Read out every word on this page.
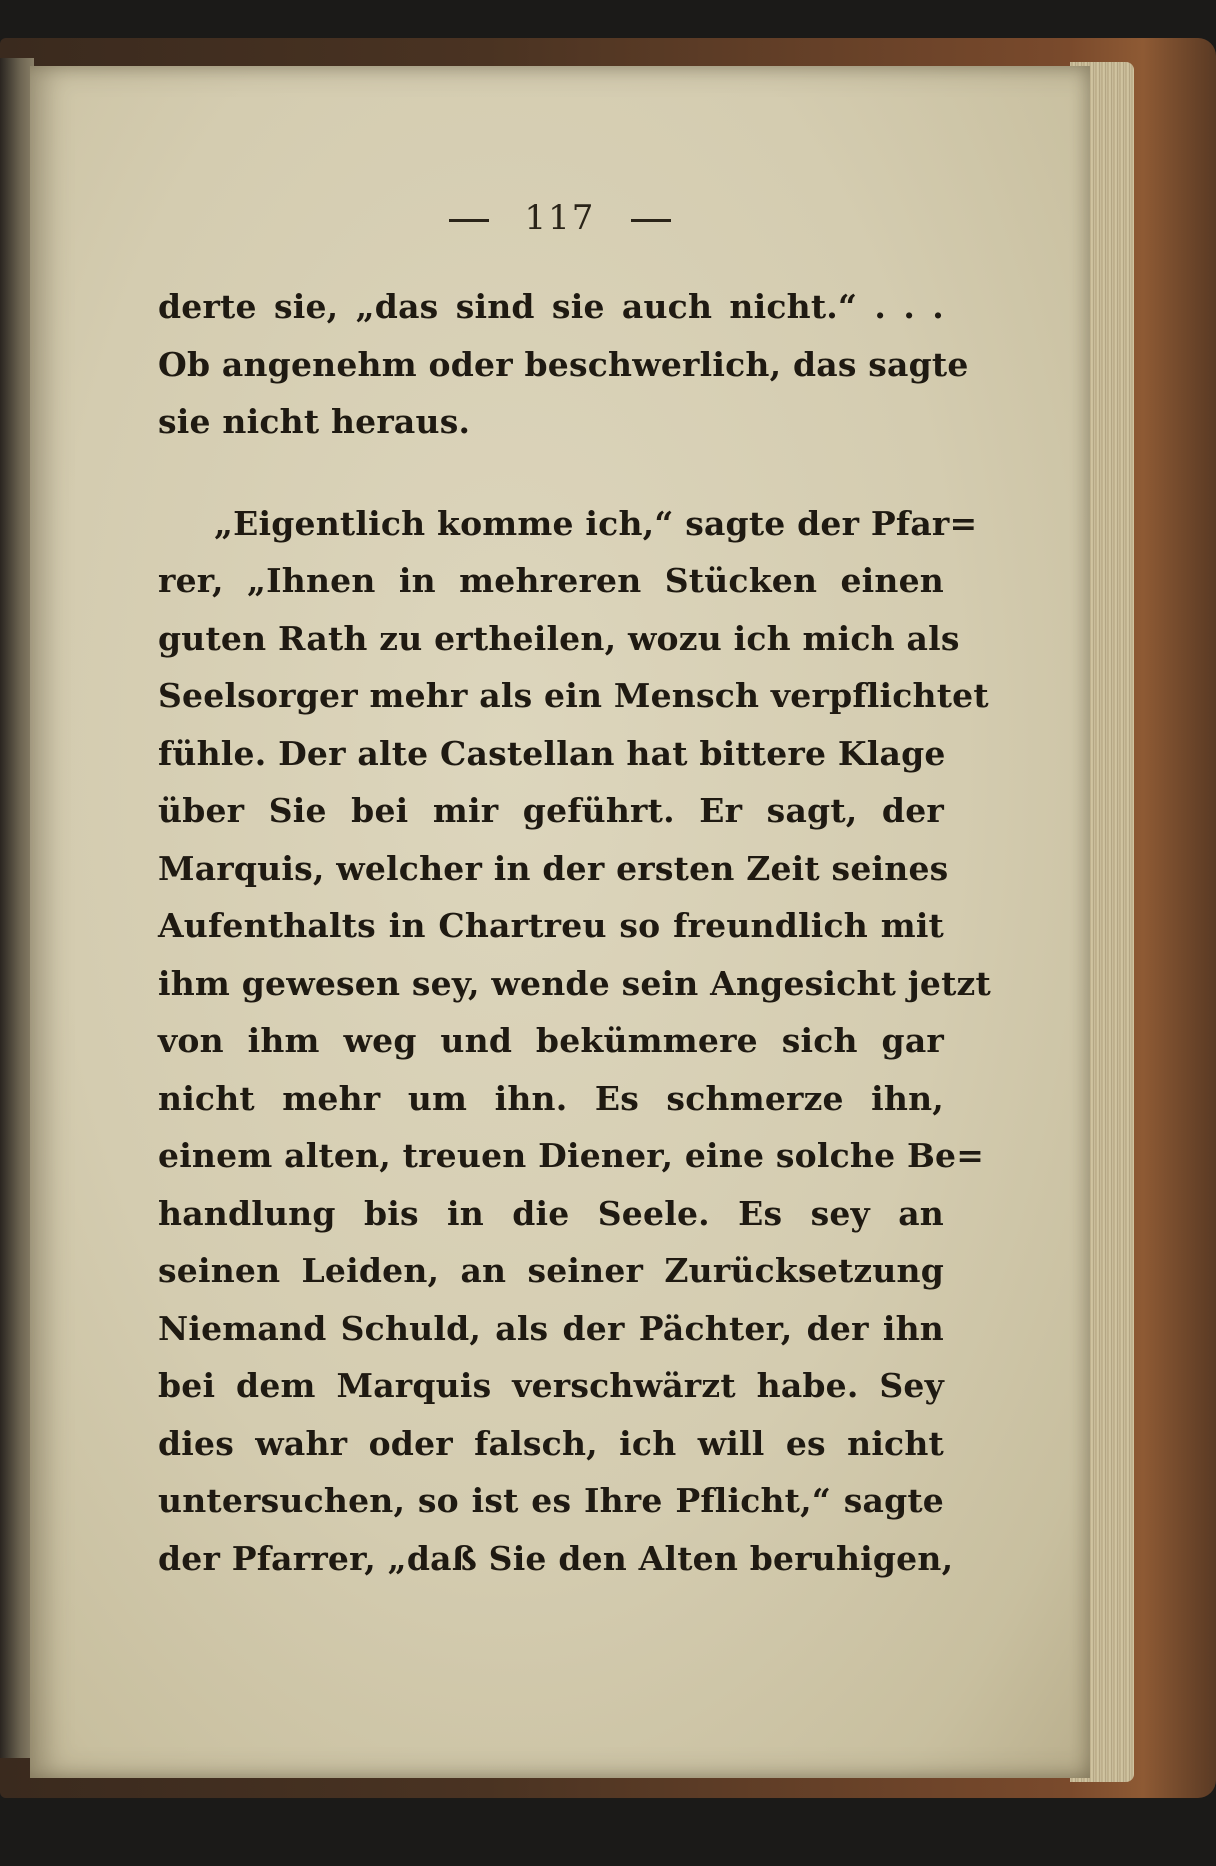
117
derte sie, „das sind sie auch nicht.“ . . .
Ob angenehm oder beschwerlich, das sagte
sie nicht heraus.
„Eigentlich komme ich,“ sagte der Pfar=
rer, „Ihnen in mehreren Stücken einen
guten Rath zu ertheilen, wozu ich mich als
Seelsorger mehr als ein Mensch verpflichtet
fühle. Der alte Castellan hat bittere Klage
über Sie bei mir geführt. Er sagt, der
Marquis, welcher in der ersten Zeit seines
Aufenthalts in Chartreu so freundlich mit
ihm gewesen sey, wende sein Angesicht jetzt
von ihm weg und bekümmere sich gar
nicht mehr um ihn. Es schmerze ihn,
einem alten, treuen Diener, eine solche Be=
handlung bis in die Seele. Es sey an
seinen Leiden, an seiner Zurücksetzung
Niemand Schuld, als der Pächter, der ihn
bei dem Marquis verschwärzt habe. Sey
dies wahr oder falsch, ich will es nicht
untersuchen, so ist es Ihre Pflicht,“ sagte
der Pfarrer, „daß Sie den Alten beruhigen,
